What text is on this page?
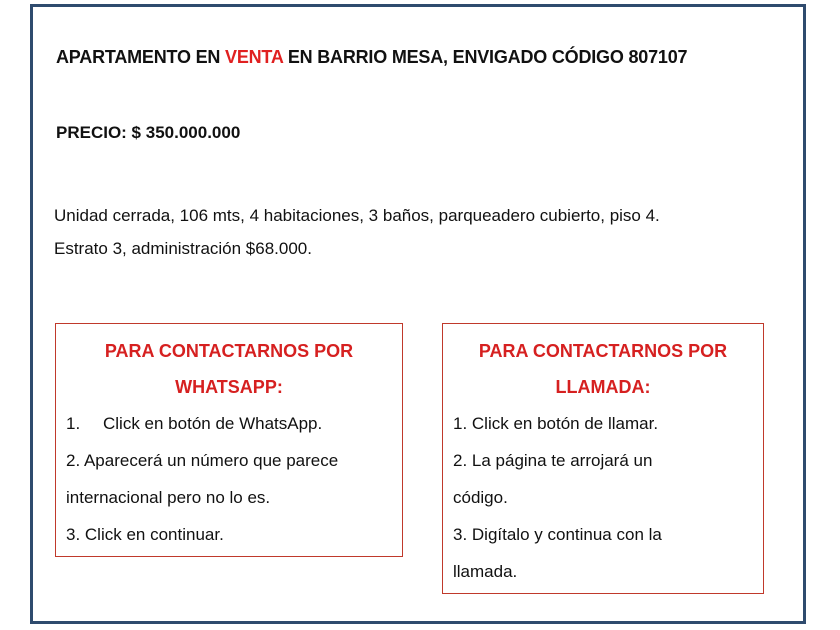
APARTAMENTO EN VENTA EN BARRIO MESA, ENVIGADO CÓDIGO 807107
PRECIO: $ 350.000.000

Unidad cerrada, 106 mts, 4 habitaciones, 3 baños, parqueadero cubierto, piso 4.

Estrato 3, administración $68.000.

PARA CONTACTARNOS POR
WHATSAPP:
1. Click en botón de WhatsApp.
2. Aparecerá un número que parece
internacional pero no lo es.
3. Click en continuar.
PARA CONTACTARNOS POR
LLAMADA:
1. Click en botón de llamar.
2. La página te arrojará un
código.
3. Digítalo y continua con la
llamada.
